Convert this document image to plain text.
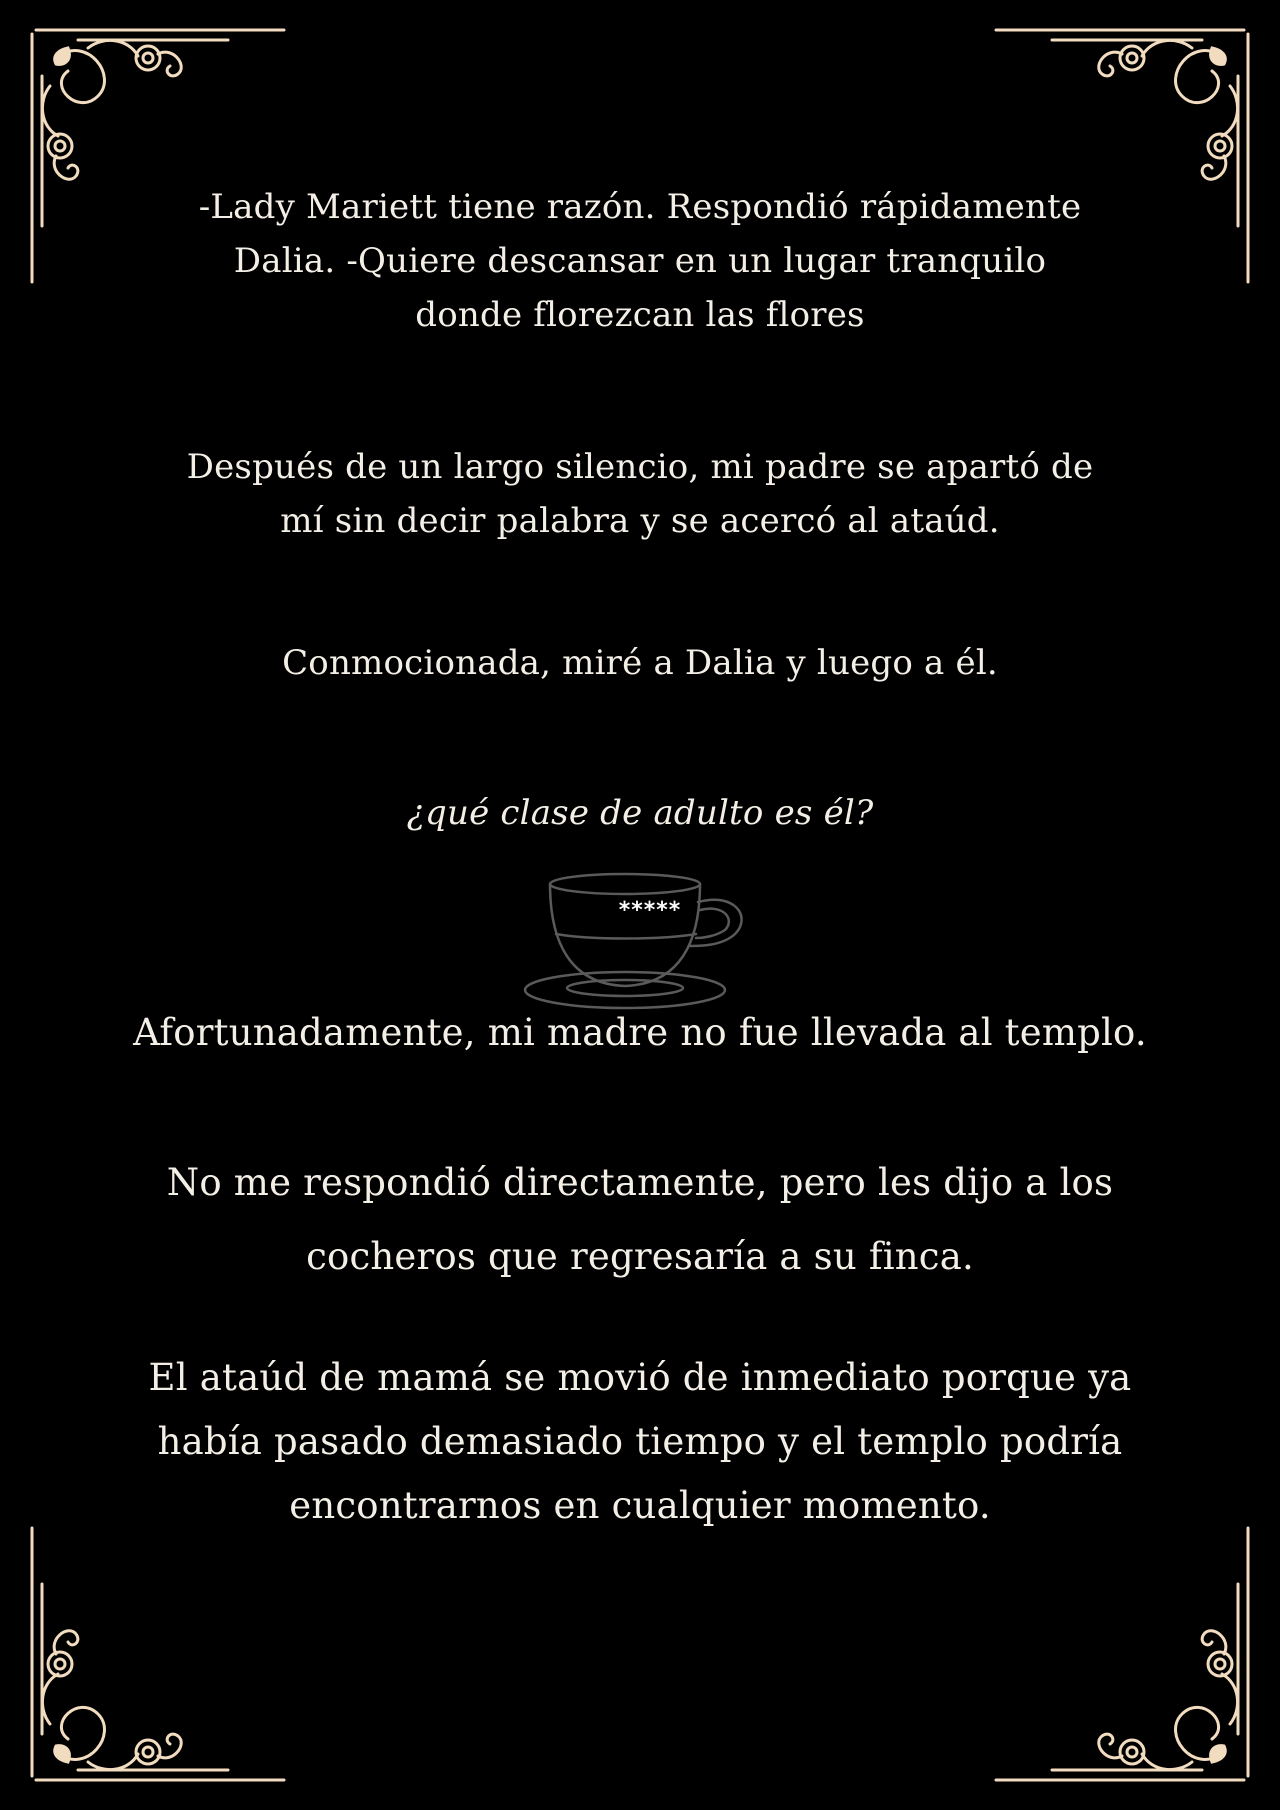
-Lady Mariett tiene razón. Respondió rápidamente
Dalia. -Quiere descansar en un lugar tranquilo
donde florezcan las flores
Después de un largo silencio, mi padre se apartó de
mí sin decir palabra y se acercó al ataúd.
Conmocionada, miré a Dalia y luego a él.
¿qué clase de adulto es él?
*****
Afortunadamente, mi madre no fue llevada al templo.
No me respondió directamente, pero les dijo a los
cocheros que regresaría a su finca.
El ataúd de mamá se movió de inmediato porque ya
había pasado demasiado tiempo y el templo podría
encontrarnos en cualquier momento.
